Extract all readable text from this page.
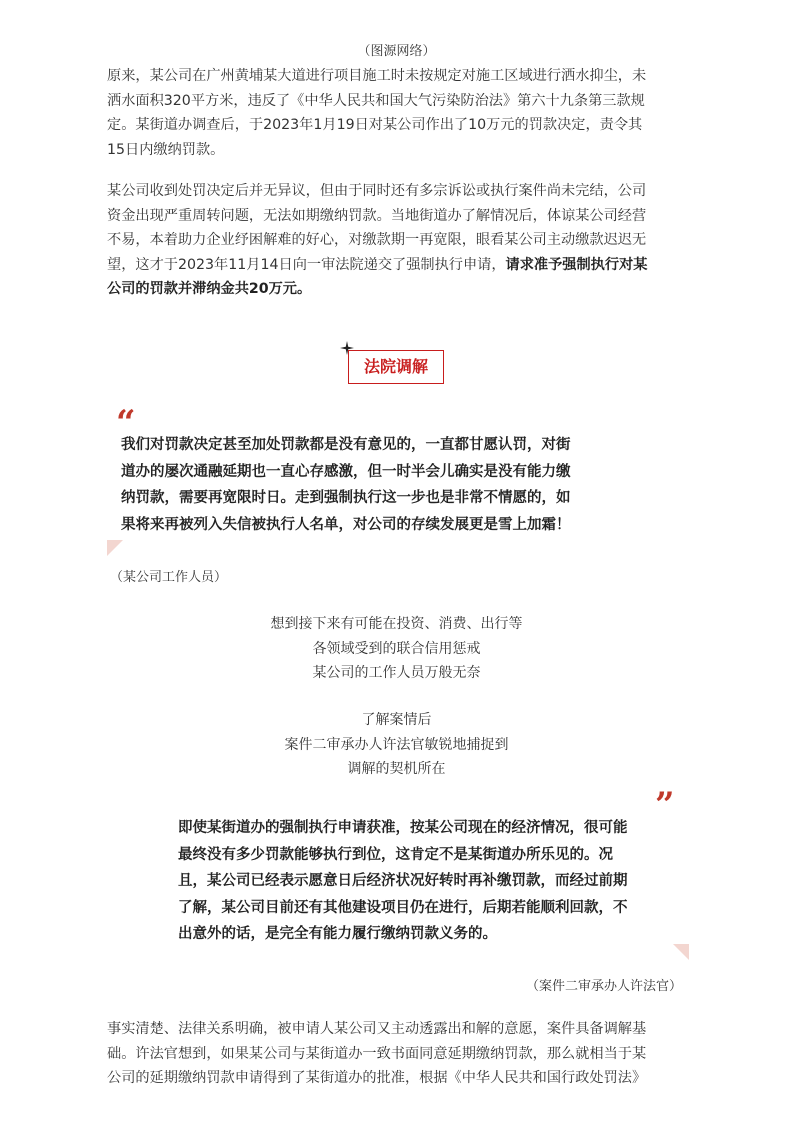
（图源网络）
原来，某公司在广州黄埔某大道进行项目施工时未按规定对施工区域进行洒水抑尘，未
洒水面积320平方米，违反了《中华人民共和国大气污染防治法》第六十九条第三款规
定。某街道办调查后，于2023年1月19日对某公司作出了10万元的罚款决定，责令其
15日内缴纳罚款。
某公司收到处罚决定后并无异议，但由于同时还有多宗诉讼或执行案件尚未完结，公司
资金出现严重周转问题，无法如期缴纳罚款。当地街道办了解情况后，体谅某公司经营
不易，本着助力企业纾困解难的好心，对缴款期一再宽限，眼看某公司主动缴款迟迟无
望，这才于2023年11月14日向一审法院递交了强制执行申请，请求准予强制执行对某
公司的罚款并滞纳金共20万元。
法院调解
“
我们对罚款决定甚至加处罚款都是没有意见的，一直都甘愿认罚，对街
道办的屡次通融延期也一直心存感激，但一时半会儿确实是没有能力缴
纳罚款，需要再宽限时日。走到强制执行这一步也是非常不情愿的，如
果将来再被列入失信被执行人名单，对公司的存续发展更是雪上加霜！
（某公司工作人员）
想到接下来有可能在投资、消费、出行等
各领域受到的联合信用惩戒
某公司的工作人员万般无奈
了解案情后
案件二审承办人许法官敏锐地捕捉到
调解的契机所在
”
即使某街道办的强制执行申请获准，按某公司现在的经济情况，很可能
最终没有多少罚款能够执行到位，这肯定不是某街道办所乐见的。况
且，某公司已经表示愿意日后经济状况好转时再补缴罚款，而经过前期
了解，某公司目前还有其他建设项目仍在进行，后期若能顺利回款，不
出意外的话，是完全有能力履行缴纳罚款义务的。
（案件二审承办人许法官）
事实清楚、法律关系明确，被申请人某公司又主动透露出和解的意愿，案件具备调解基
础。许法官想到，如果某公司与某街道办一致书面同意延期缴纳罚款，那么就相当于某
公司的延期缴纳罚款申请得到了某街道办的批准，根据《中华人民共和国行政处罚法》
